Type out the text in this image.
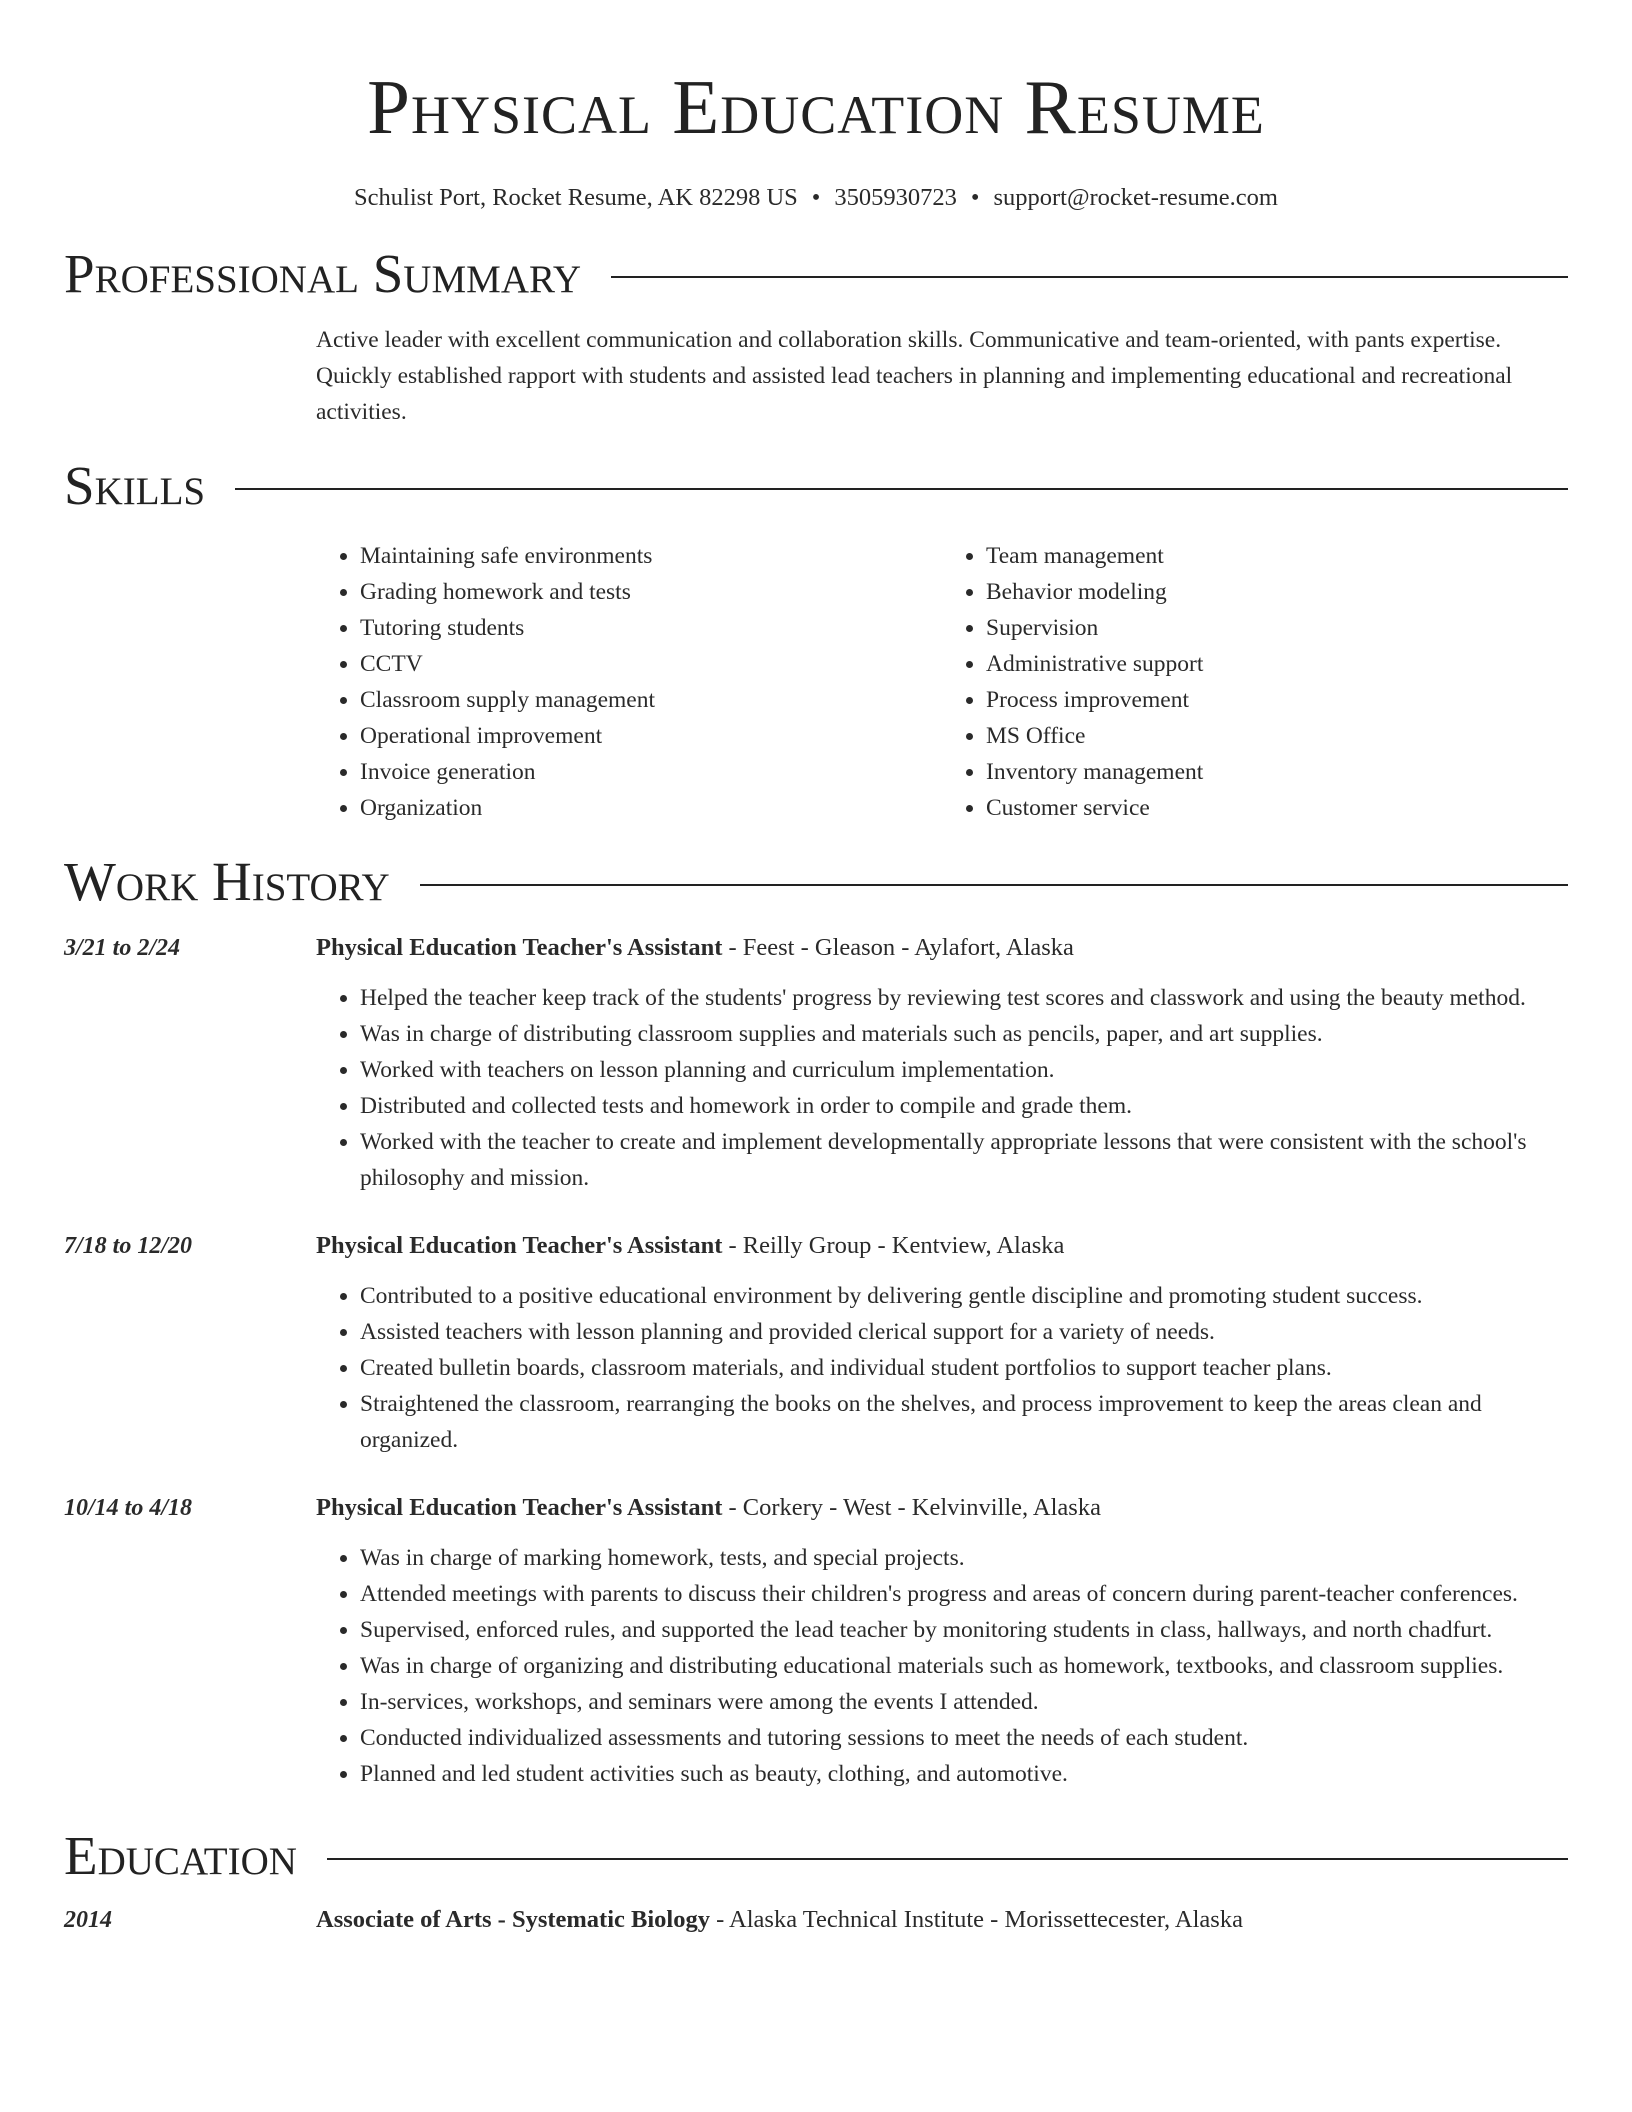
Physical Education Resume
Schulist Port, Rocket Resume, AK 82298 US • 3505930723 • support@rocket-resume.com
Professional Summary

Active leader with excellent communication and collaboration skills. Communicative and team-oriented, with pants expertise. Quickly established rapport with students and assisted lead teachers in planning and implementing educational and recreational activities.

Skills
• Maintaining safe environments
• Grading homework and tests
• Tutoring students
• CCTV
• Classroom supply management
• Operational improvement
• Invoice generation
• Organization
• Team management
• Behavior modeling
• Supervision
• Administrative support
• Process improvement
• MS Office
• Inventory management
• Customer service
Work History
3/21 to 2/24	Physical Education Teacher's Assistant - Feest - Gleason - Aylafort, Alaska
• Helped the teacher keep track of the students' progress by reviewing test scores and classwork and using the beauty method.
• Was in charge of distributing classroom supplies and materials such as pencils, paper, and art supplies.
• Worked with teachers on lesson planning and curriculum implementation.
• Distributed and collected tests and homework in order to compile and grade them.
• Worked with the teacher to create and implement developmentally appropriate lessons that were consistent with the school's philosophy and mission.
7/18 to 12/20	Physical Education Teacher's Assistant - Reilly Group - Kentview, Alaska
• Contributed to a positive educational environment by delivering gentle discipline and promoting student success.
• Assisted teachers with lesson planning and provided clerical support for a variety of needs.
• Created bulletin boards, classroom materials, and individual student portfolios to support teacher plans.
• Straightened the classroom, rearranging the books on the shelves, and process improvement to keep the areas clean and organized.
10/14 to 4/18	Physical Education Teacher's Assistant - Corkery - West - Kelvinville, Alaska
• Was in charge of marking homework, tests, and special projects.
• Attended meetings with parents to discuss their children's progress and areas of concern during parent-teacher conferences.
• Supervised, enforced rules, and supported the lead teacher by monitoring students in class, hallways, and north chadfurt.
• Was in charge of organizing and distributing educational materials such as homework, textbooks, and classroom supplies.
• In-services, workshops, and seminars were among the events I attended.
• Conducted individualized assessments and tutoring sessions to meet the needs of each student.
• Planned and led student activities such as beauty, clothing, and automotive.
Education
2014	Associate of Arts - Systematic Biology - Alaska Technical Institute - Morissettecester, Alaska
